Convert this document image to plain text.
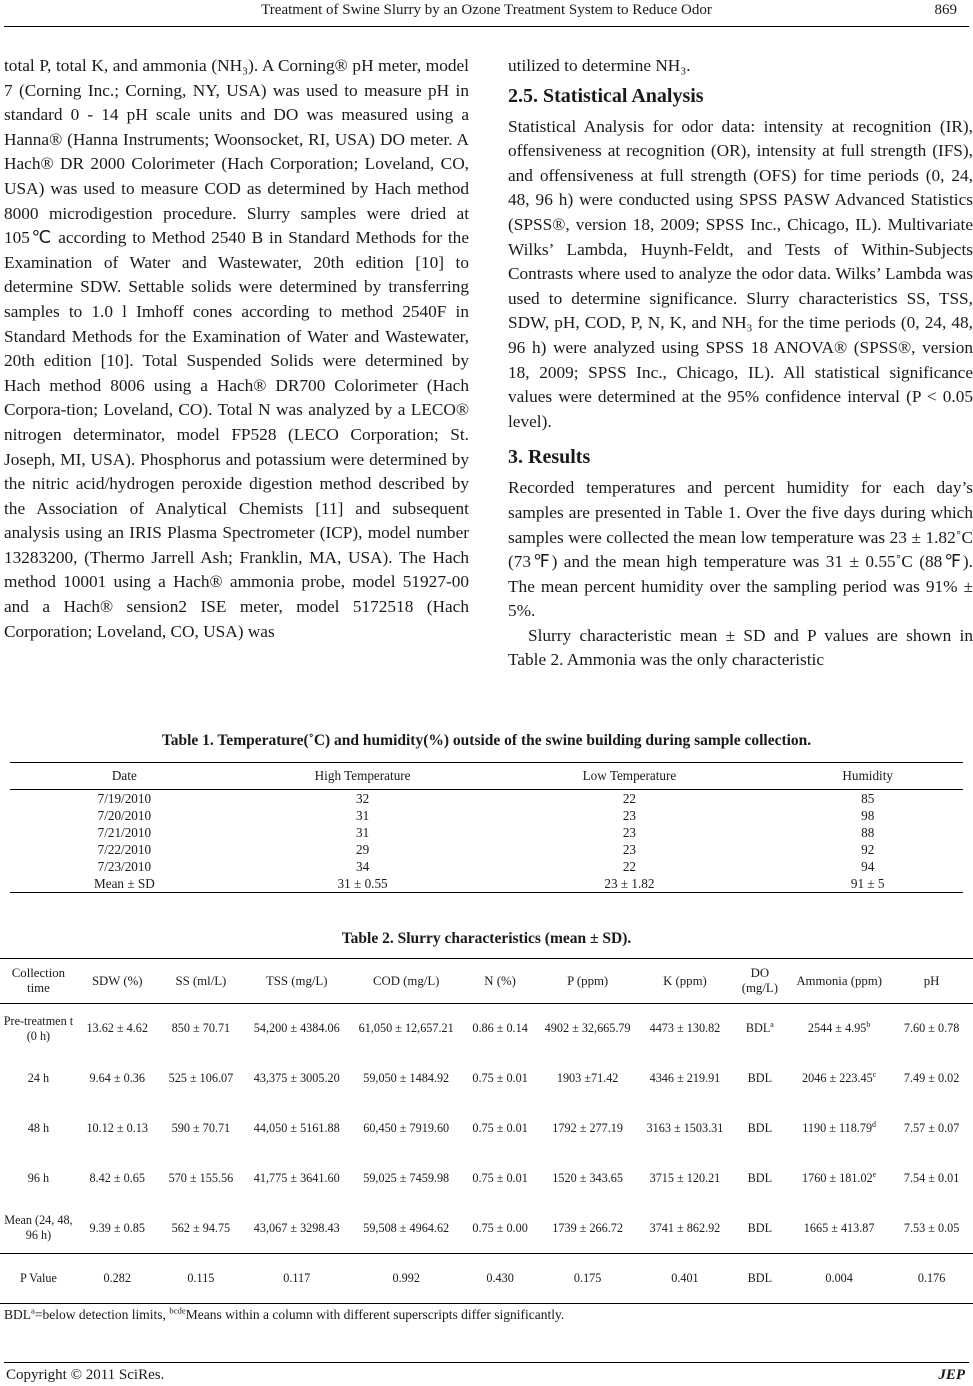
Treatment of Swine Slurry by an Ozone Treatment System to Reduce Odor	869

total P, total K, and ammonia (NH₃). A Corning® pH meter, model 7 (Corning Inc.; Corning, NY, USA) was used to measure pH in standard 0 - 14 pH scale units and DO was measured using a Hanna® (Hanna Instruments; Woonsocket, RI, USA) DO meter. A Hach® DR 2000 Colorimeter (Hach Corporation; Loveland, CO, USA) was used to measure COD as determined by Hach method 8000 microdigestion procedure. Slurry samples were dried at 105℃ according to Method 2540 B in Standard Methods for the Examination of Water and Wastewater, 20th edition [10] to determine SDW. Settable solids were determined by transferring samples to 1.0 l Imhoff cones according to method 2540F in Standard Methods for the Examination of Water and Wastewater, 20th edition [10]. Total Suspended Solids were determined by Hach method 8006 using a Hach® DR700 Colorimeter (Hach Corpora-tion; Loveland, CO). Total N was analyzed by a LECO® nitrogen determinator, model FP528 (LECO Corporation; St. Joseph, MI, USA). Phosphorus and potassium were determined by the nitric acid/hydrogen peroxide digestion method described by the Association of Analytical Chemists [11] and subsequent analysis using an IRIS Plasma Spectrometer (ICP), model number 13283200, (Thermo Jarrell Ash; Franklin, MA, USA). The Hach method 10001 using a Hach® ammonia probe, model 51927-00 and a Hach® sension2 ISE meter, model 5172518 (Hach Corporation; Loveland, CO, USA) was

utilized to determine NH₃.

2.5. Statistical Analysis

Statistical Analysis for odor data: intensity at recognition (IR), offensiveness at recognition (OR), intensity at full strength (IFS), and offensiveness at full strength (OFS) for time periods (0, 24, 48, 96 h) were conducted using SPSS PASW Advanced Statistics (SPSS®, version 18, 2009; SPSS Inc., Chicago, IL). Multivariate Wilks’ Lambda, Huynh-Feldt, and Tests of Within-Subjects Contrasts where used to analyze the odor data. Wilks’ Lambda was used to determine significance. Slurry characteristics SS, TSS, SDW, pH, COD, P, N, K, and NH₃ for the time periods (0, 24, 48, 96 h) were analyzed using SPSS 18 ANOVA® (SPSS®, version 18, 2009; SPSS Inc., Chicago, IL). All statistical significance values were determined at the 95% confidence interval (P < 0.05 level).

3. Results

Recorded temperatures and percent humidity for each day’s samples are presented in Table 1. Over the five days during which samples were collected the mean low temperature was 23 ± 1.82˚C (73℉) and the mean high temperature was 31 ± 0.55˚C (88℉). The mean percent humidity over the sampling period was 91% ± 5%.

Slurry characteristic mean ± SD and P values are shown in Table 2. Ammonia was the only characteristic

Table 1. Temperature(˚C) and humidity(%) outside of the swine building during sample collection.
Date	High Temperature	Low Temperature	Humidity
7/19/2010	32	22	85
7/20/2010	31	23	98
7/21/2010	31	23	88
7/22/2010	29	23	92
7/23/2010	34	22	94
Mean ± SD	31 ± 0.55	23 ± 1.82	91 ± 5
Table 2. Slurry characteristics (mean ± SD).
Collection time	SDW (%)	SS (ml/L)	TSS (mg/L)	COD (mg/L)	N (%)	P (ppm)	K (ppm)	DO (mg/L)	Ammonia (ppm)	pH
Pre-treatmen t (0 h)	13.62 ± 4.62	850 ± 70.71	54,200 ± 4384.06	61,050 ± 12,657.21	0.86 ± 0.14	4902 ± 32,665.79	4473 ± 130.82	BDL$^a$	2544 ± 4.95$^b$	7.60 ± 0.78
24 h	9.64 ± 0.36	525 ± 106.07	43,375 ± 3005.20	59,050 ± 1484.92	0.75 ± 0.01	1903 ±71.42	4346 ± 219.91	BDL	2046 ± 223.45$^c$	7.49 ± 0.02
48 h	10.12 ± 0.13	590 ± 70.71	44,050 ± 5161.88	60,450 ± 7919.60	0.75 ± 0.01	1792 ± 277.19	3163 ± 1503.31	BDL	1190 ± 118.79$^d$	7.57 ± 0.07
96 h	8.42 ± 0.65	570 ± 155.56	41,775 ± 3641.60	59,025 ± 7459.98	0.75 ± 0.01	1520 ± 343.65	3715 ± 120.21	BDL	1760 ± 181.02$^e$	7.54 ± 0.01
Mean (24, 48, 96 h)	9.39 ± 0.85	562 ± 94.75	43,067 ± 3298.43	59,508 ± 4964.62	0.75 ± 0.00	1739 ± 266.72	3741 ± 862.92	BDL	1665 ± 413.87	7.53 ± 0.05
P Value	0.282	0.115	0.117	0.992	0.430	0.175	0.401	BDL	0.004	0.176
$BDL^a=below$ detection limits, $^{bcde}$Means within a column with different superscripts differ significantly.
Copyright © 2011 SciRes.	JEP
